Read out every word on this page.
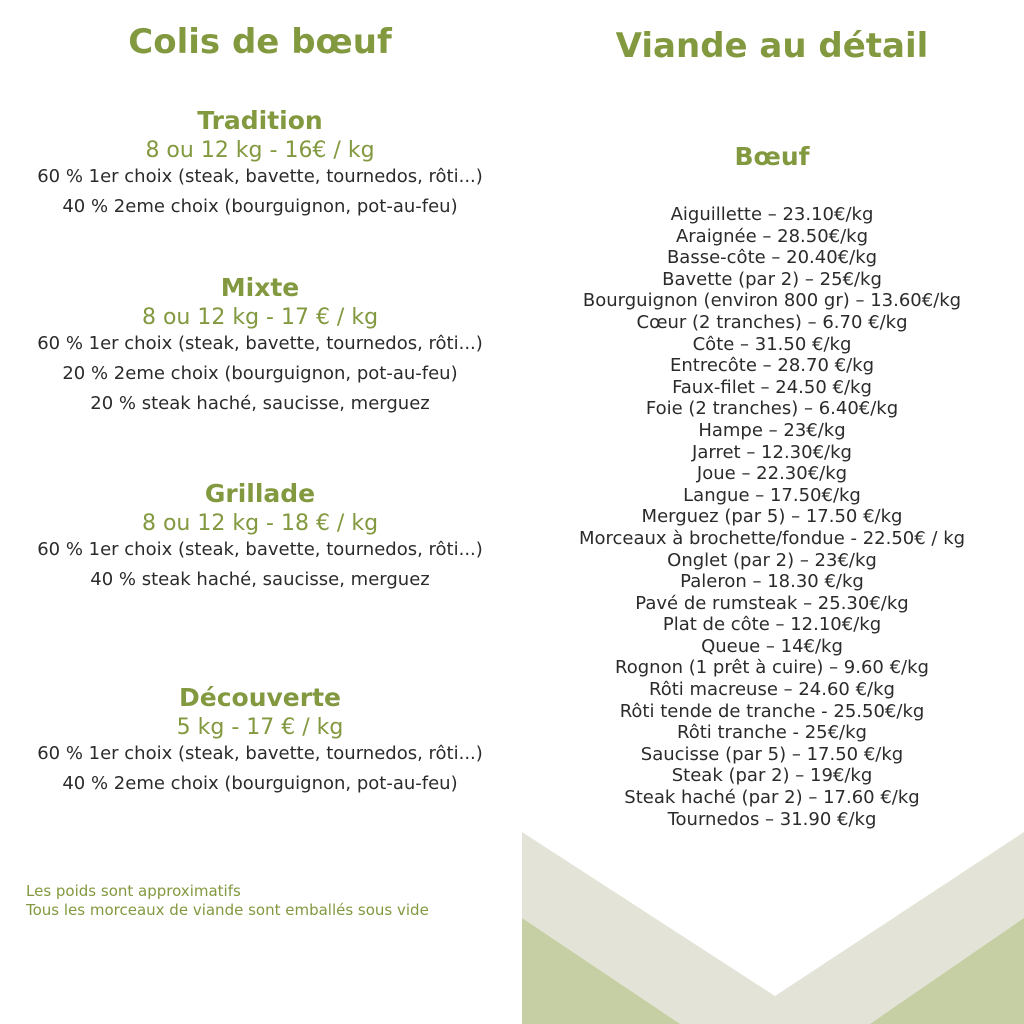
Colis de bœuf
Tradition
8 ou 12 kg - 16€ / kg
60 % 1er choix (steak, bavette, tournedos, rôti...)
40 % 2eme choix (bourguignon, pot-au-feu)
Mixte
8 ou 12 kg - 17 € / kg
60 % 1er choix (steak, bavette, tournedos, rôti...)
20 % 2eme choix (bourguignon, pot-au-feu)
20 % steak haché, saucisse, merguez
Grillade
8 ou 12 kg - 18 € / kg
60 % 1er choix (steak, bavette, tournedos, rôti...)
40 % steak haché, saucisse, merguez
Découverte
5 kg - 17 € / kg
60 % 1er choix (steak, bavette, tournedos, rôti...)
40 % 2eme choix (bourguignon, pot-au-feu)
Les poids sont approximatifs
Tous les morceaux de viande sont emballés sous vide
Viande au détail
Bœuf
Aiguillette – 23.10€/kg
Araignée – 28.50€/kg
Basse-côte – 20.40€/kg
Bavette (par 2) – 25€/kg
Bourguignon (environ 800 gr) – 13.60€/kg
Cœur (2 tranches) – 6.70 €/kg
Côte – 31.50 €/kg
Entrecôte – 28.70 €/kg
Faux-filet – 24.50 €/kg
Foie (2 tranches) – 6.40€/kg
Hampe – 23€/kg
Jarret – 12.30€/kg
Joue – 22.30€/kg
Langue – 17.50€/kg
Merguez (par 5) – 17.50 €/kg
Morceaux à brochette/fondue - 22.50€ / kg
Onglet (par 2) – 23€/kg
Paleron – 18.30 €/kg
Pavé de rumsteak – 25.30€/kg
Plat de côte – 12.10€/kg
Queue – 14€/kg
Rognon (1 prêt à cuire) – 9.60 €/kg
Rôti macreuse – 24.60 €/kg
Rôti tende de tranche - 25.50€/kg
Rôti tranche - 25€/kg
Saucisse (par 5) – 17.50 €/kg
Steak (par 2) – 19€/kg
Steak haché (par 2) – 17.60 €/kg
Tournedos – 31.90 €/kg
